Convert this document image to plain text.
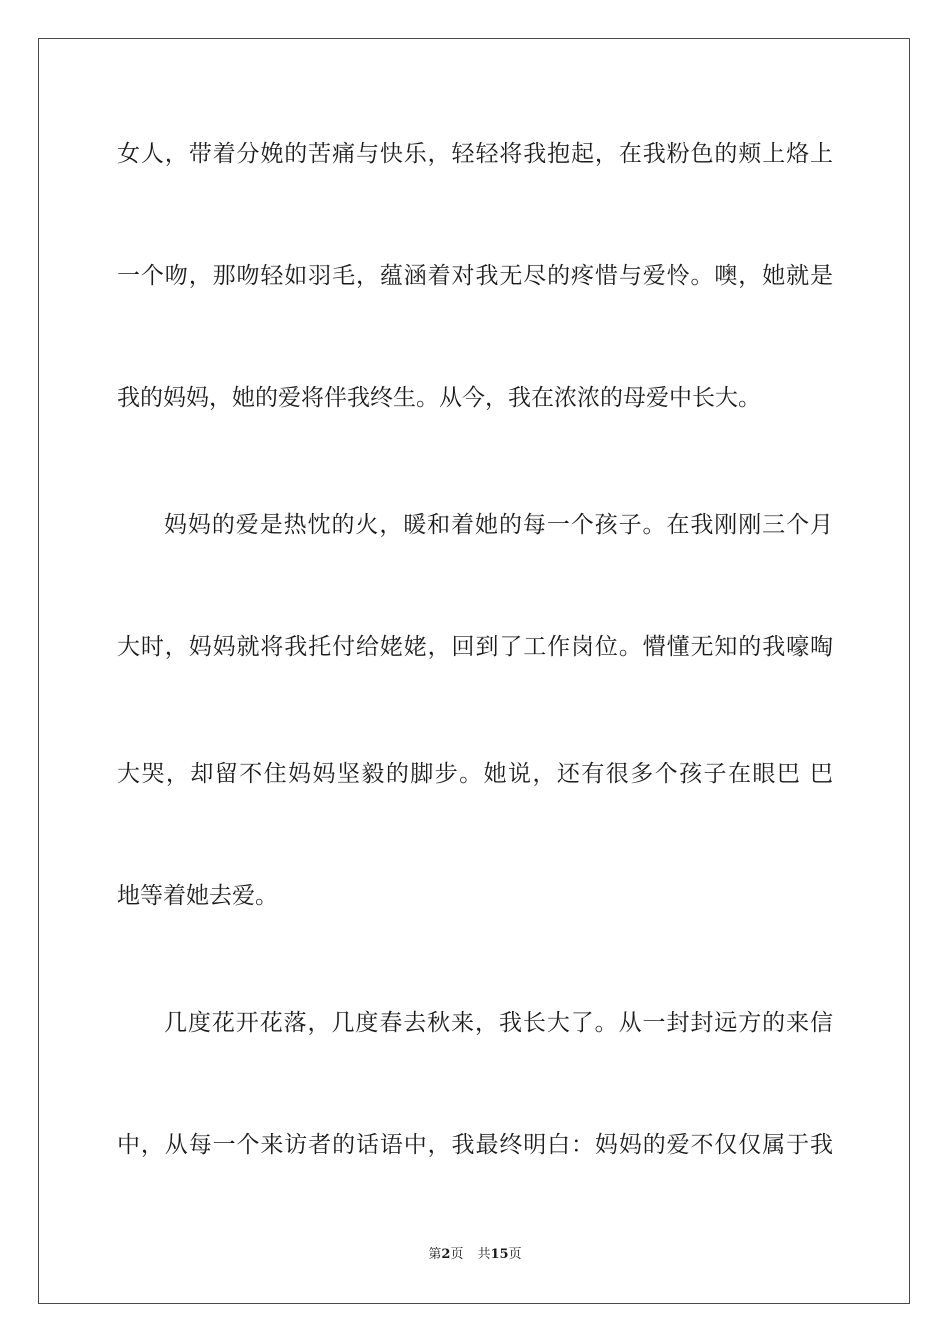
女人，带着分娩的苦痛与快乐，轻轻将我抱起，在我粉色的颊上烙上
一个吻，那吻轻如羽毛，蕴涵着对我无尽的疼惜与爱怜。噢，她就是
我的妈妈，她的爱将伴我终生。从今，我在浓浓的母爱中长大。
妈妈的爱是热忱的火，暖和着她的每一个孩子。在我刚刚三个月
大时，妈妈就将我托付给姥姥，回到了工作岗位。懵懂无知的我嚎啕
大哭，却留不住妈妈坚毅的脚步。她说，还有很多个孩子在眼巴 巴
地等着她去爱。
几度花开花落，几度春去秋来，我长大了。从一封封远方的来信
中，从每一个来访者的话语中，我最终明白：妈妈的爱不仅仅属于我
第2页 共15页
